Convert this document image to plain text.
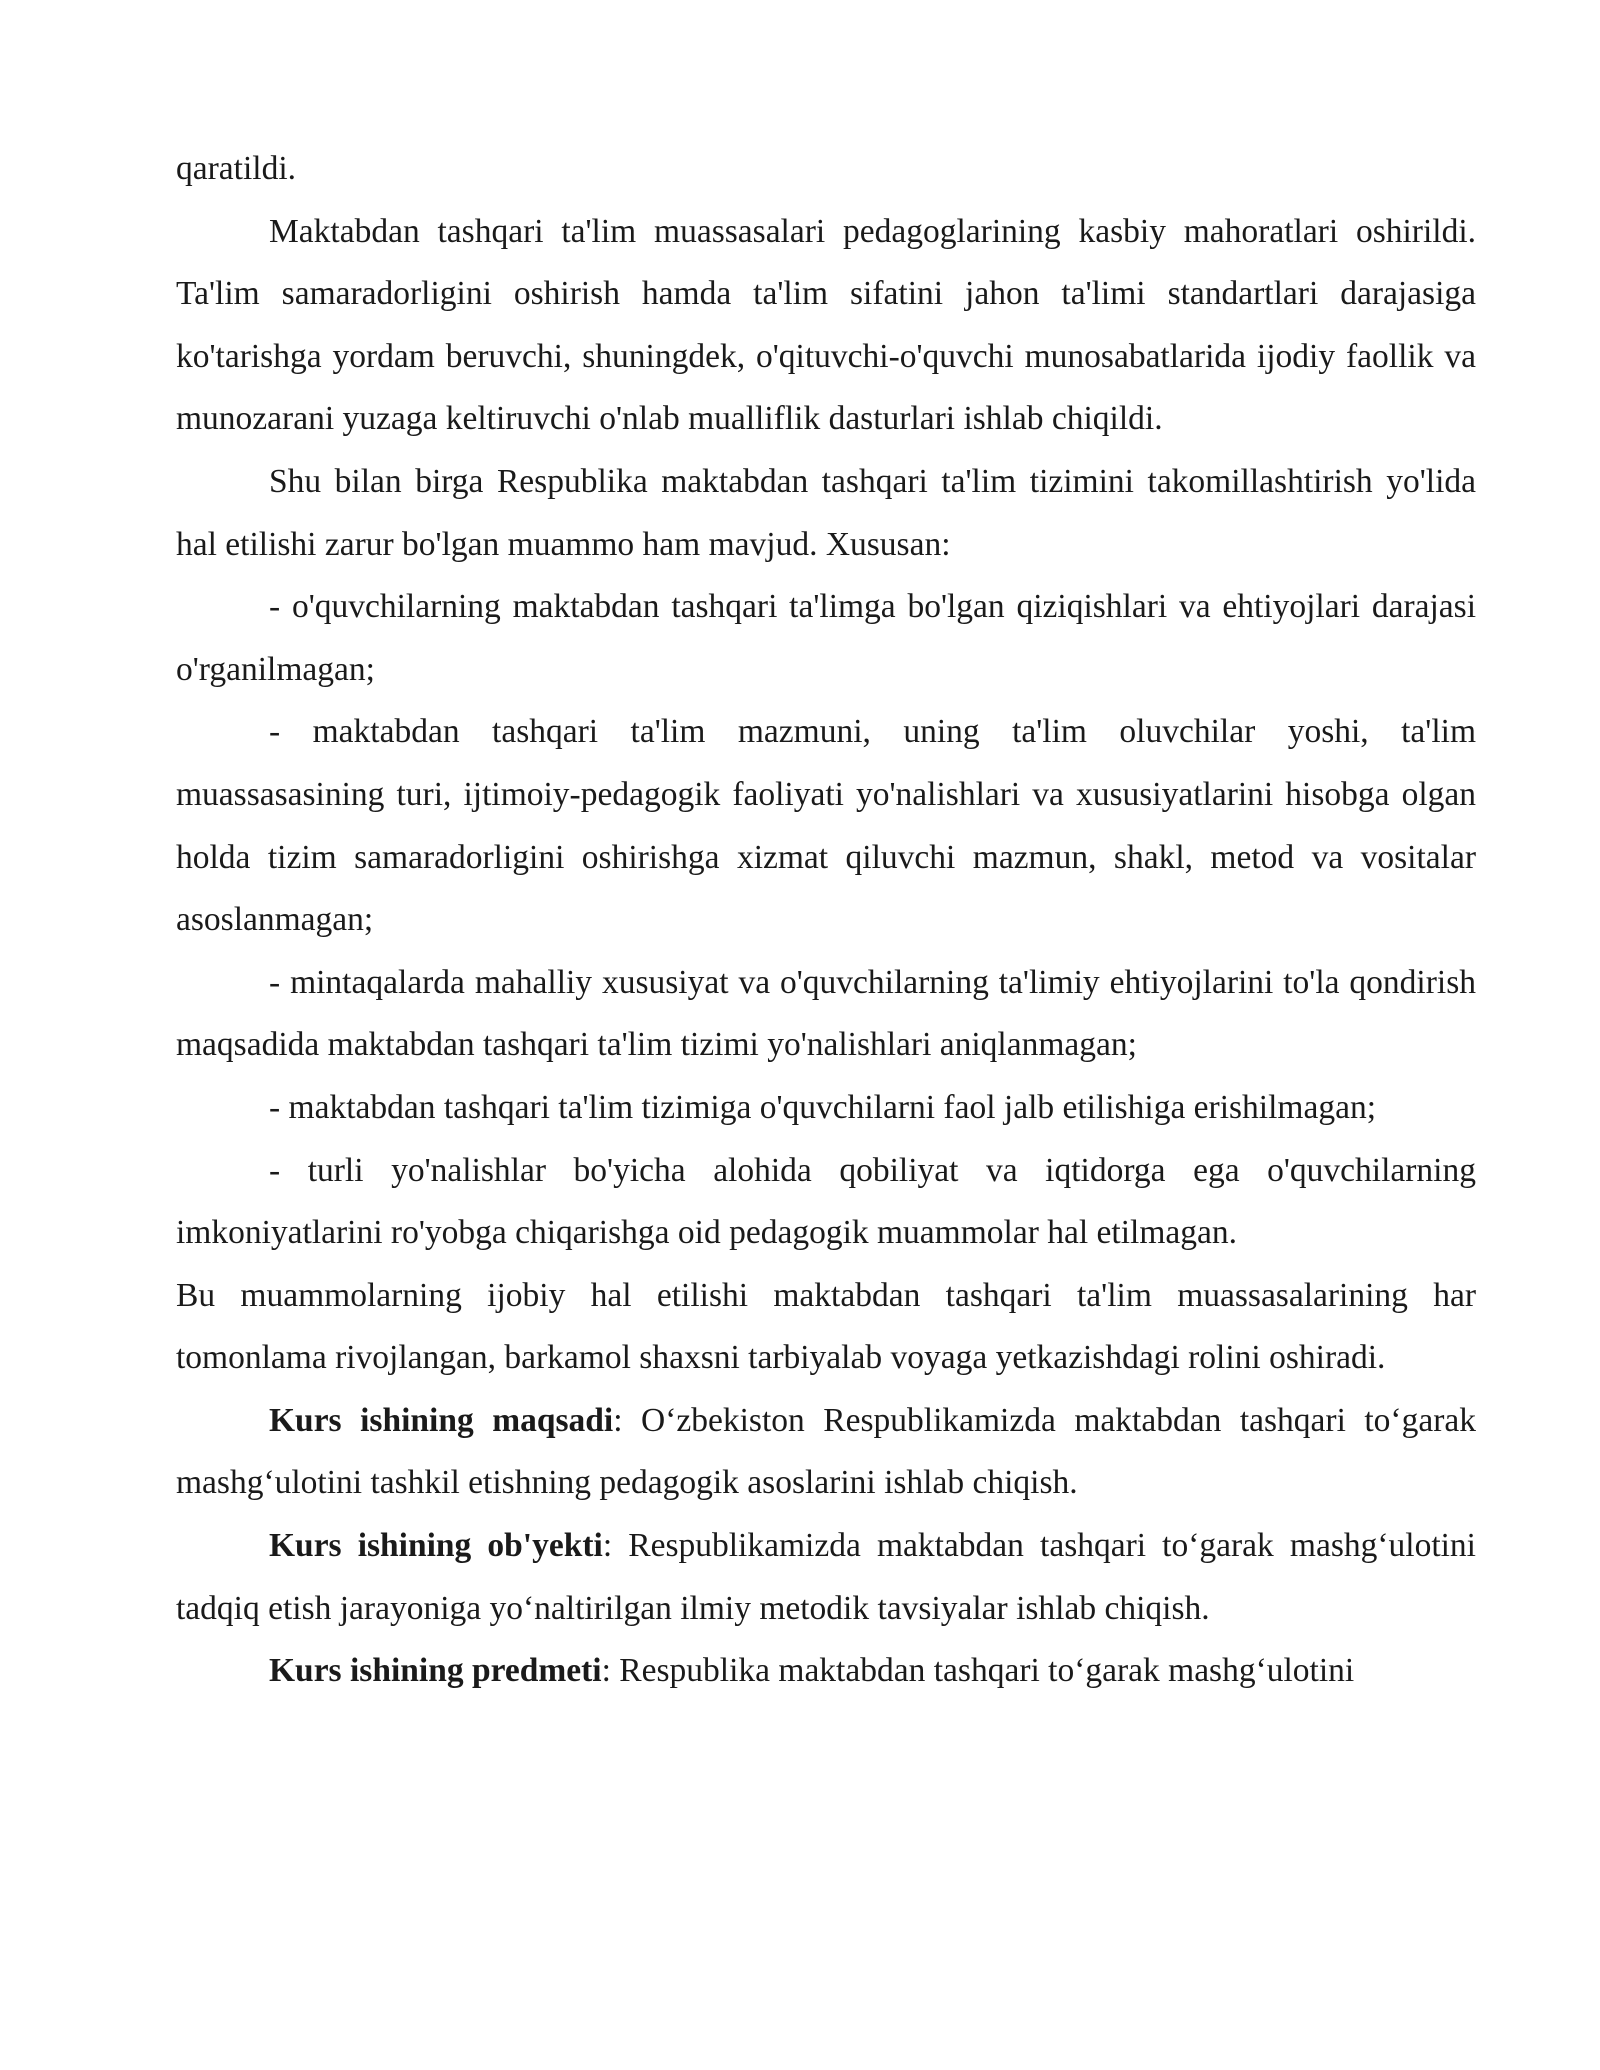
qaratildi.

Maktabdan tashqari ta'lim muassasalari pedagoglarining kasbiy mahoratlari oshirildi. Ta'lim samaradorligini oshirish hamda ta'lim sifatini jahon ta'limi standartlari darajasiga ko'tarishga yordam beruvchi, shuningdek, o'qituvchi-o'quvchi munosabatlarida ijodiy faollik va munozarani yuzaga keltiruvchi o'nlab mualliflik dasturlari ishlab chiqildi.

Shu bilan birga Respublika maktabdan tashqari ta'lim tizimini takomillashtirish yo'lida hal etilishi zarur bo'lgan muammo ham mavjud. Xususan:

- o'quvchilarning maktabdan tashqari ta'limga bo'lgan qiziqishlari va ehtiyojlari darajasi o'rganilmagan;

- maktabdan tashqari ta'lim mazmuni, uning ta'lim oluvchilar yoshi, ta'lim muassasasining turi, ijtimoiy-pedagogik faoliyati yo'nalishlari va xususiyatlarini hisobga olgan holda tizim samaradorligini oshirishga xizmat qiluvchi mazmun, shakl, metod va vositalar asoslanmagan;

- mintaqalarda mahalliy xususiyat va o'quvchilarning ta'limiy ehtiyojlarini to'la qondirish maqsadida maktabdan tashqari ta'lim tizimi yo'nalishlari aniqlanmagan;

- maktabdan tashqari ta'lim tizimiga o'quvchilarni faol jalb etilishiga erishilmagan;

- turli yo'nalishlar bo'yicha alohida qobiliyat va iqtidorga ega o'quvchilarning imkoniyatlarini ro'yobga chiqarishga oid pedagogik muammolar hal etilmagan.

Bu muammolarning ijobiy hal etilishi maktabdan tashqari ta'lim muassasalarining har tomonlama rivojlangan, barkamol shaxsni tarbiyalab voyaga yetkazishdagi rolini oshiradi.

Kurs ishining maqsadi: O‘zbekiston Respublikamizda maktabdan tashqari to‘garak mashg‘ulotini tashkil etishning pedagogik asoslarini ishlab chiqish.

Kurs ishining ob'yekti: Respublikamizda maktabdan tashqari to‘garak mashg‘ulotini tadqiq etish jarayoniga yo‘naltirilgan ilmiy metodik tavsiyalar ishlab chiqish.

Kurs ishining predmeti: Respublika maktabdan tashqari to‘garak mashg‘ulotini
